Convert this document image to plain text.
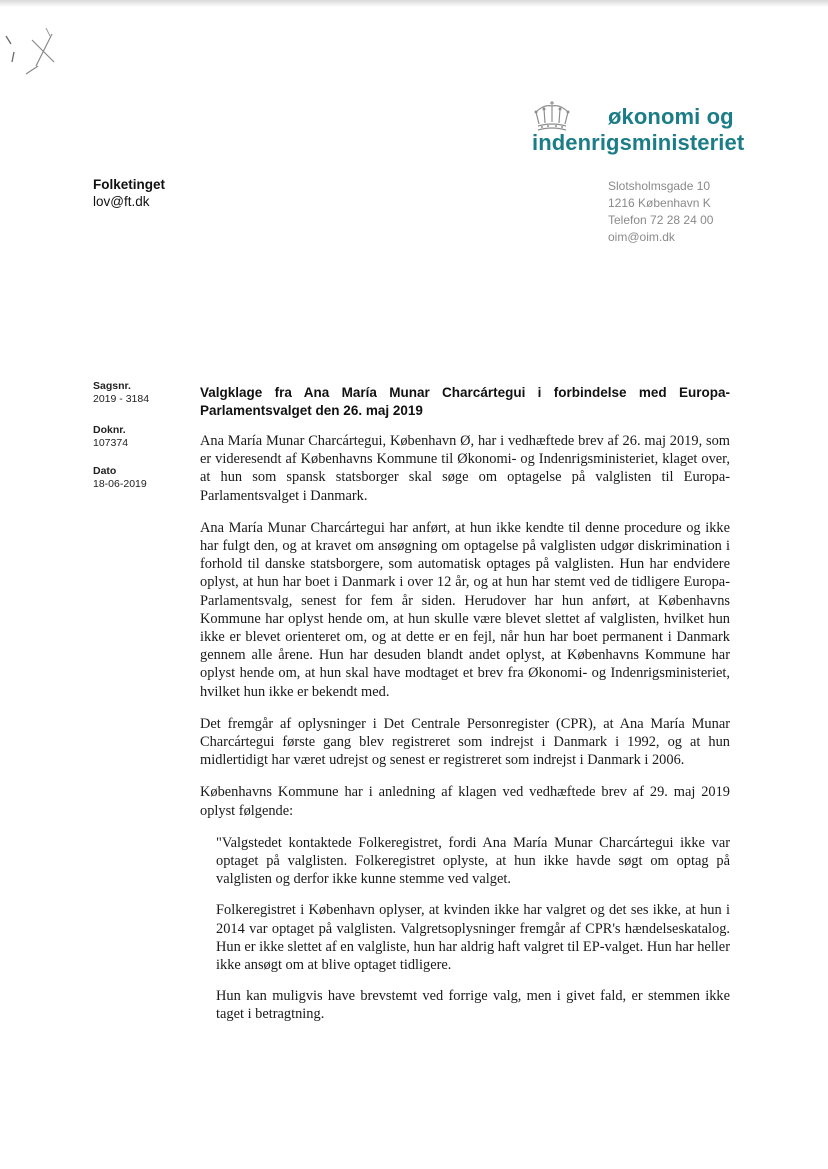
økonomi og
indenrigsministeriet
Folketinget
lov@ft.dk
Slotsholmsgade 10
1216 København K
Telefon 72 28 24 00
oim@oim.dk
Sagsnr.
2019 - 3184
Doknr.
107374
Dato
18-06-2019
Valgklage fra Ana María Munar Charcártegui i forbindelse med Europa-Parlamentsvalget den 26. maj 2019

Ana María Munar Charcártegui, København Ø, har i vedhæftede brev af 26. maj 2019, som er videresendt af Københavns Kommune til Økonomi- og Indenrigsministeriet, klaget over, at hun som spansk statsborger skal søge om optagelse på valglisten til Europa-Parlamentsvalget i Danmark.

Ana María Munar Charcártegui har anført, at hun ikke kendte til denne procedure og ikke har fulgt den, og at kravet om ansøgning om optagelse på valglisten udgør diskrimination i forhold til danske statsborgere, som automatisk optages på valglisten. Hun har endvidere oplyst, at hun har boet i Danmark i over 12 år, og at hun har stemt ved de tidligere Europa-Parlamentsvalg, senest for fem år siden. Herudover har hun anført, at Københavns Kommune har oplyst hende om, at hun skulle være blevet slettet af valglisten, hvilket hun ikke er blevet orienteret om, og at dette er en fejl, når hun har boet permanent i Danmark gennem alle årene. Hun har desuden blandt andet oplyst, at Københavns Kommune har oplyst hende om, at hun skal have modtaget et brev fra Økonomi- og Indenrigsministeriet, hvilket hun ikke er bekendt med.

Det fremgår af oplysninger i Det Centrale Personregister (CPR), at Ana María Munar Charcártegui første gang blev registreret som indrejst i Danmark i 1992, og at hun midlertidigt har været udrejst og senest er registreret som indrejst i Danmark i 2006.

Københavns Kommune har i anledning af klagen ved vedhæftede brev af 29. maj 2019 oplyst følgende:

"Valgstedet kontaktede Folkeregistret, fordi Ana María Munar Charcártegui ikke var optaget på valglisten. Folkeregistret oplyste, at hun ikke havde søgt om optag på valglisten og derfor ikke kunne stemme ved valget.

Folkeregistret i København oplyser, at kvinden ikke har valgret og det ses ikke, at hun i 2014 var optaget på valglisten. Valgretsoplysninger fremgår af CPR's hændelseskatalog. Hun er ikke slettet af en valgliste, hun har aldrig haft valgret til EP-valget. Hun har heller ikke ansøgt om at blive optaget tidligere.

Hun kan muligvis have brevstemt ved forrige valg, men i givet fald, er stemmen ikke taget i betragtning.
